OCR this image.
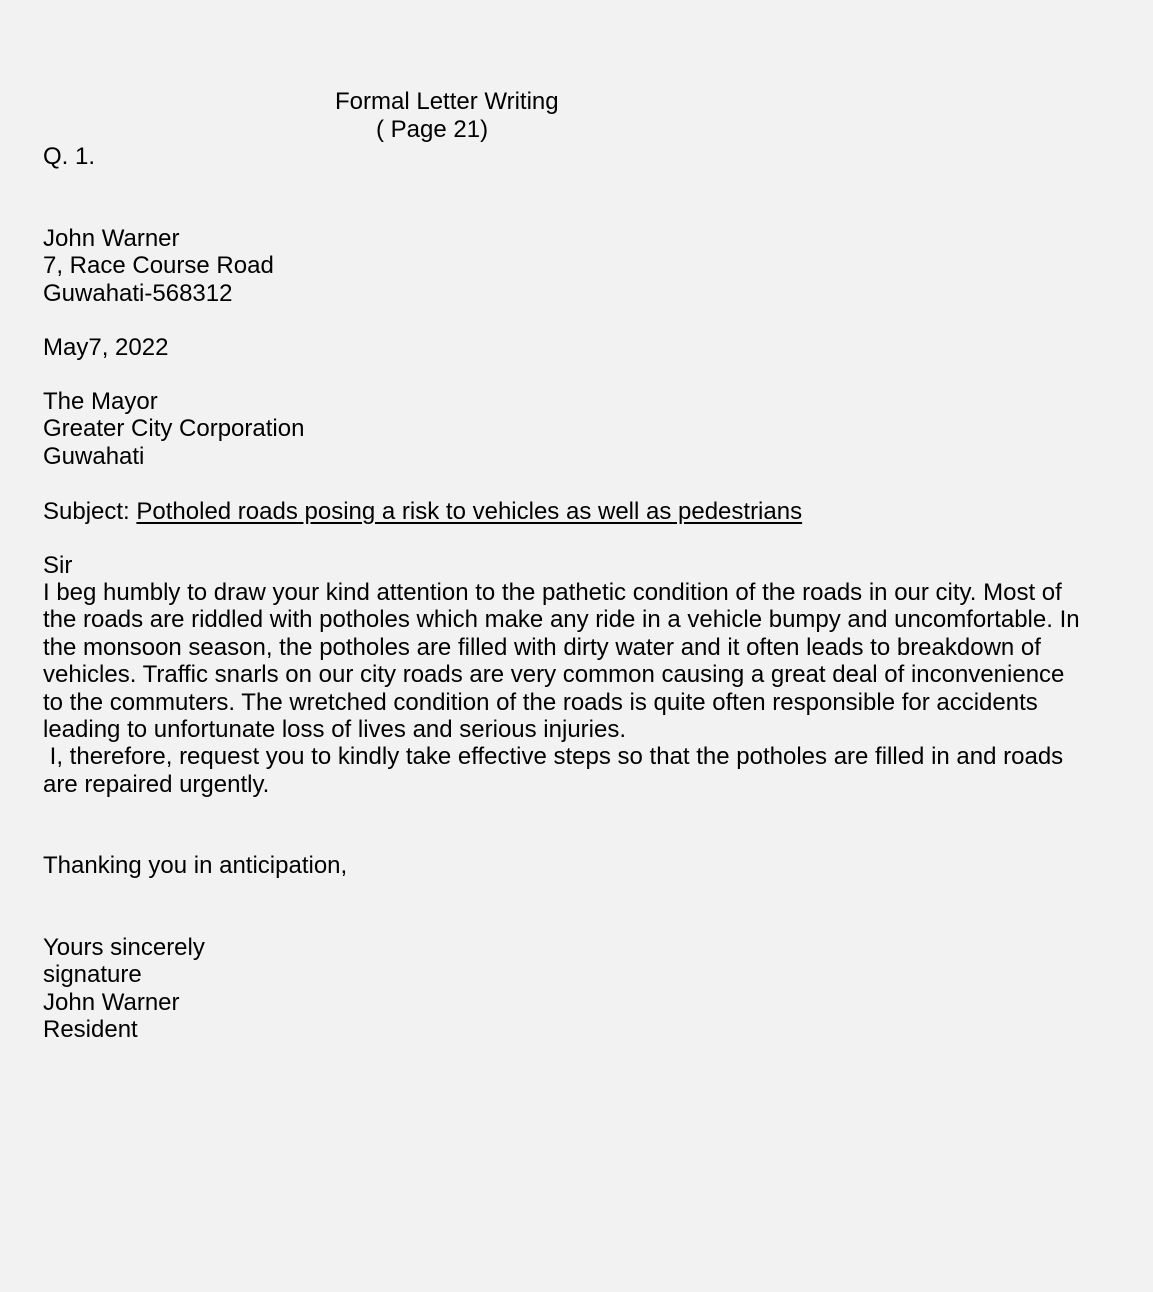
Formal Letter Writing
( Page 21)
Q. 1.
John Warner
7, Race Course Road
Guwahati-568312
May7, 2022
The Mayor
Greater City Corporation
Guwahati
Subject: Potholed roads posing a risk to vehicles as well as pedestrians
Sir
I beg humbly to draw your kind attention to the pathetic condition of the roads in our city. Most of
the roads are riddled with potholes which make any ride in a vehicle bumpy and uncomfortable. In
the monsoon season, the potholes are filled with dirty water and it often leads to breakdown of
vehicles. Traffic snarls on our city roads are very common causing a great deal of inconvenience
to the commuters. The wretched condition of the roads is quite often responsible for accidents
leading to unfortunate loss of lives and serious injuries.
I, therefore, request you to kindly take effective steps so that the potholes are filled in and roads
are repaired urgently.
Thanking you in anticipation,
Yours sincerely
signature
John Warner
Resident
